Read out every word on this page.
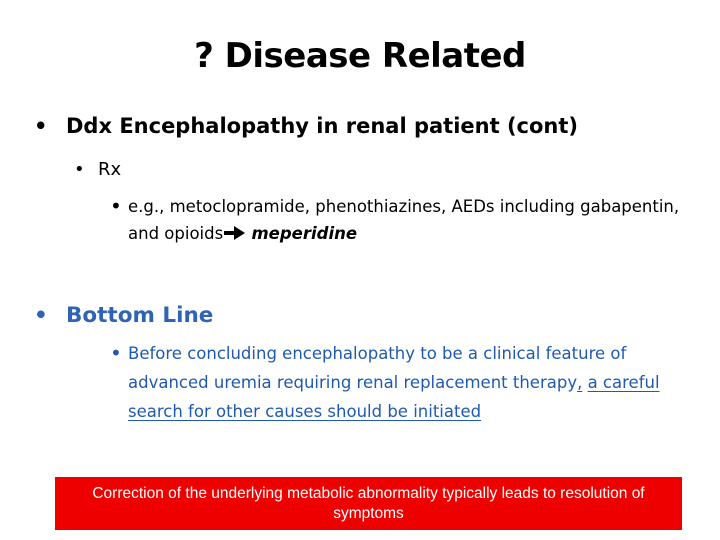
? Disease Related
• Ddx Encephalopathy in renal patient (cont)
• Rx
• e.g., metoclopramide, phenothiazines, AEDs including gabapentin, and opioids meperidine
• Bottom Line
• Before concluding encephalopathy to be a clinical feature of advanced uremia requiring renal replacement therapy, a careful search for other causes should be initiated
Correction of the underlying metabolic abnormality typically leads to resolution of symptoms
